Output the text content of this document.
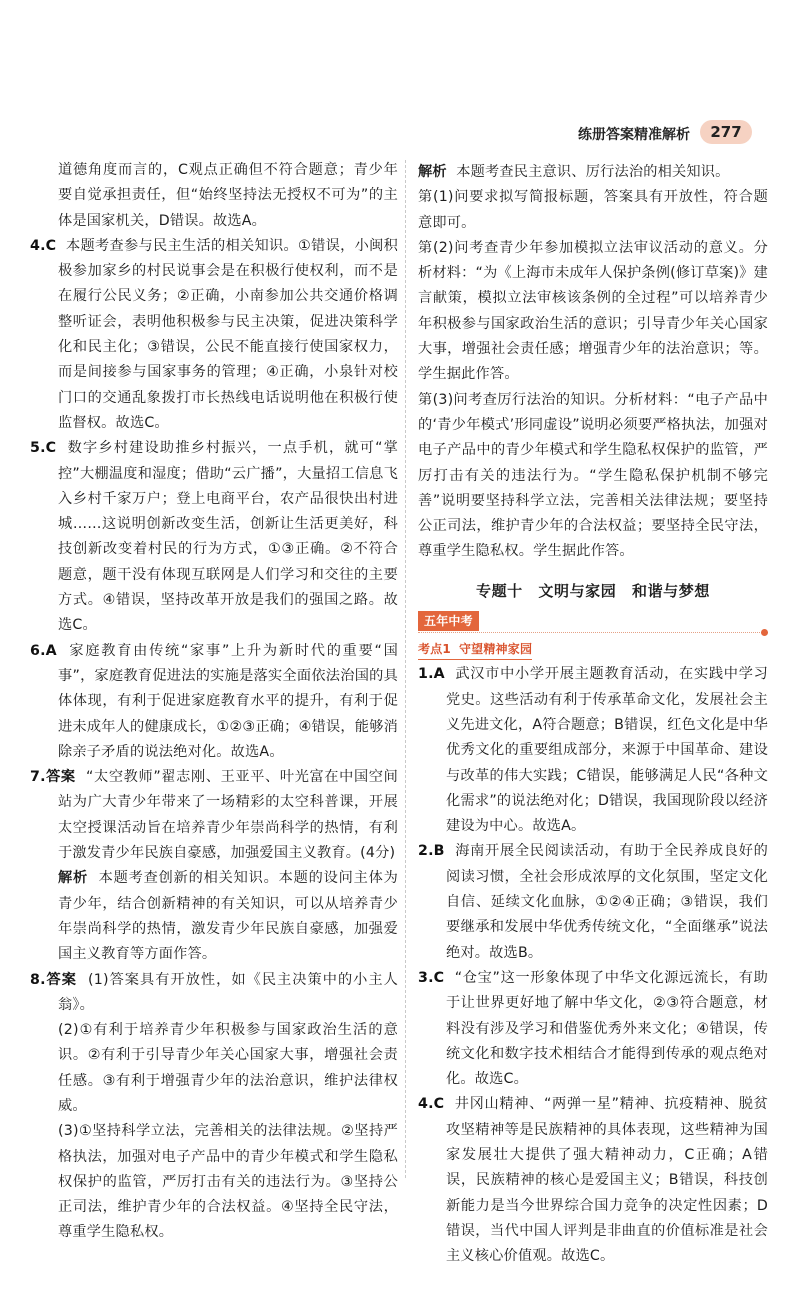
练册答案精准解析	277

道德角度而言的，C观点正确但不符合题意；青少年要自觉承担责任，但“始终坚持法无授权不可为”的主体是国家机关，D错误。故选A。

4.C 本题考查参与民主生活的相关知识。①错误，小闽积极参加家乡的村民说事会是在积极行使权利，而不是在履行公民义务；②正确，小南参加公共交通价格调整听证会，表明他积极参与民主决策，促进决策科学化和民主化；③错误，公民不能直接行使国家权力，而是间接参与国家事务的管理；④正确，小泉针对校门口的交通乱象拨打市长热线电话说明他在积极行使监督权。故选C。

5.C 数字乡村建设助推乡村振兴，一点手机，就可“掌控”大棚温度和湿度；借助“云广播”，大量招工信息飞入乡村千家万户；登上电商平台，农产品很快出村进城……这说明创新改变生活，创新让生活更美好，科技创新改变着村民的行为方式，①③正确。②不符合题意，题干没有体现互联网是人们学习和交往的主要方式。④错误，坚持改革开放是我们的强国之路。故选C。

6.A 家庭教育由传统“家事”上升为新时代的重要“国事”，家庭教育促进法的实施是落实全面依法治国的具体体现，有利于促进家庭教育水平的提升，有利于促进未成年人的健康成长，①②③正确；④错误，能够消除亲子矛盾的说法绝对化。故选A。

7.答案 “太空教师”翟志刚、王亚平、叶光富在中国空间站为广大青少年带来了一场精彩的太空科普课，开展太空授课活动旨在培养青少年崇尚科学的热情，有利于激发青少年民族自豪感，加强爱国主义教育。(4分)

解析 本题考查创新的相关知识。本题的设问主体为青少年，结合创新精神的有关知识，可以从培养青少年崇尚科学的热情，激发青少年民族自豪感，加强爱国主义教育等方面作答。

8.答案 (1)答案具有开放性，如《民主决策中的小主人翁》。

(2)①有利于培养青少年积极参与国家政治生活的意识。②有利于引导青少年关心国家大事，增强社会责任感。③有利于增强青少年的法治意识，维护法律权威。

(3)①坚持科学立法，完善相关的法律法规。②坚持严格执法，加强对电子产品中的青少年模式和学生隐私权保护的监管，严厉打击有关的违法行为。③坚持公正司法，维护青少年的合法权益。④坚持全民守法，尊重学生隐私权。

解析 本题考查民主意识、厉行法治的相关知识。

第(1)问要求拟写简报标题，答案具有开放性，符合题意即可。

第(2)问考查青少年参加模拟立法审议活动的意义。分析材料：“为《上海市未成年人保护条例(修订草案)》建言献策，模拟立法审核该条例的全过程”可以培养青少年积极参与国家政治生活的意识；引导青少年关心国家大事，增强社会责任感；增强青少年的法治意识；等。学生据此作答。

第(3)问考查厉行法治的知识。分析材料：“电子产品中的‘青少年模式’形同虚设”说明必须要严格执法，加强对电子产品中的青少年模式和学生隐私权保护的监管，严厉打击有关的违法行为。“学生隐私保护机制不够完善”说明要坚持科学立法，完善相关法律法规；要坚持公正司法，维护青少年的合法权益；要坚持全民守法，尊重学生隐私权。学生据此作答。

专题十　文明与家园　和谐与梦想
五年中考
考点1 守望精神家园

1.A 武汉市中小学开展主题教育活动，在实践中学习党史。这些活动有利于传承革命文化，发展社会主义先进文化，A符合题意；B错误，红色文化是中华优秀文化的重要组成部分，来源于中国革命、建设与改革的伟大实践；C错误，能够满足人民“各种文化需求”的说法绝对化；D错误，我国现阶段以经济建设为中心。故选A。

2.B 海南开展全民阅读活动，有助于全民养成良好的阅读习惯，全社会形成浓厚的文化氛围，坚定文化自信、延续文化血脉，①②④正确；③错误，我们要继承和发展中华优秀传统文化，“全面继承”说法绝对。故选B。

3.C “仓宝”这一形象体现了中华文化源远流长，有助于让世界更好地了解中华文化，②③符合题意，材料没有涉及学习和借鉴优秀外来文化；④错误，传统文化和数字技术相结合才能得到传承的观点绝对化。故选C。

4.C 井冈山精神、“两弹一星”精神、抗疫精神、脱贫攻坚精神等是民族精神的具体表现，这些精神为国家发展壮大提供了强大精神动力，C正确；A错误，民族精神的核心是爱国主义；B错误，科技创新能力是当今世界综合国力竞争的决定性因素；D错误，当代中国人评判是非曲直的价值标准是社会主义核心价值观。故选C。
